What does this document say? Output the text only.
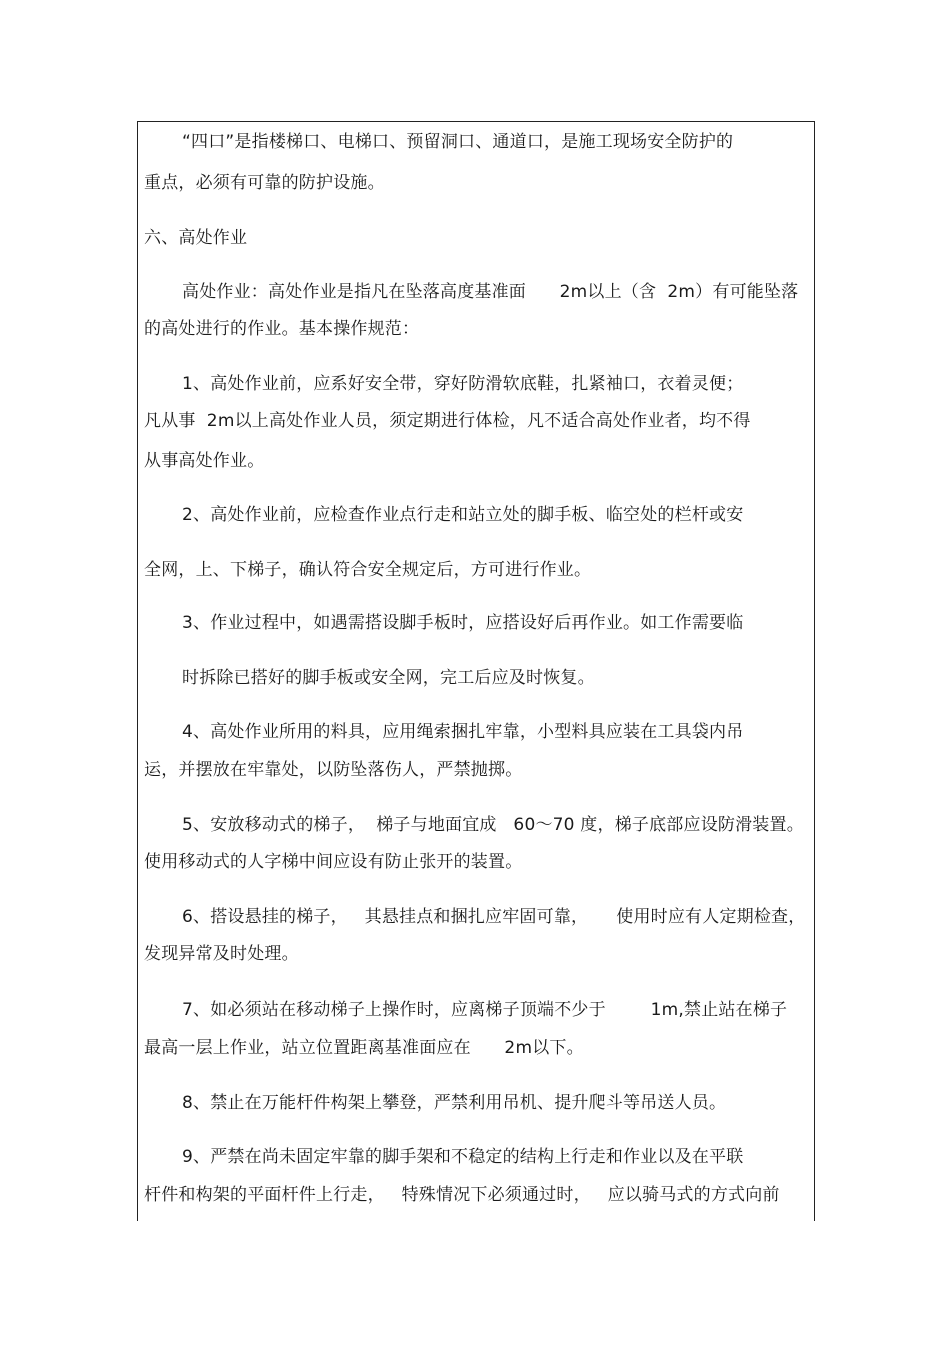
“四口”是指楼梯口、电梯口、预留洞口、通道口，是施工现场安全防护的
重点，必须有可靠的防护设施。
六、高处作业
高处作业：高处作业是指凡在坠落高度基准面      2m以上（含  2m）有可能坠落
的高处进行的作业。基本操作规范：
1、高处作业前，应系好安全带，穿好防滑软底鞋，扎紧袖口，衣着灵便；
凡从事  2m以上高处作业人员，须定期进行体检，凡不适合高处作业者，均不得
从事高处作业。
2、高处作业前，应检查作业点行走和站立处的脚手板、临空处的栏杆或安
全网，上、下梯子，确认符合安全规定后，方可进行作业。
3、作业过程中，如遇需搭设脚手板时，应搭设好后再作业。如工作需要临
时拆除已搭好的脚手板或安全网，完工后应及时恢复。
4、高处作业所用的料具，应用绳索捆扎牢靠，小型料具应装在工具袋内吊
运，并摆放在牢靠处，以防坠落伤人，严禁抛掷。
5、安放移动式的梯子，  梯子与地面宜成   60～70 度，梯子底部应设防滑装置。
使用移动式的人字梯中间应设有防止张开的装置。
6、搭设悬挂的梯子，   其悬挂点和捆扎应牢固可靠，     使用时应有人定期检查，
发现异常及时处理。
7、如必须站在移动梯子上操作时，应离梯子顶端不少于        1m,禁止站在梯子
最高一层上作业，站立位置距离基准面应在      2m以下。
8、禁止在万能杆件构架上攀登，严禁利用吊机、提升爬斗等吊送人员。
9、严禁在尚未固定牢靠的脚手架和不稳定的结构上行走和作业以及在平联
杆件和构架的平面杆件上行走，   特殊情况下必须通过时，   应以骑马式的方式向前
